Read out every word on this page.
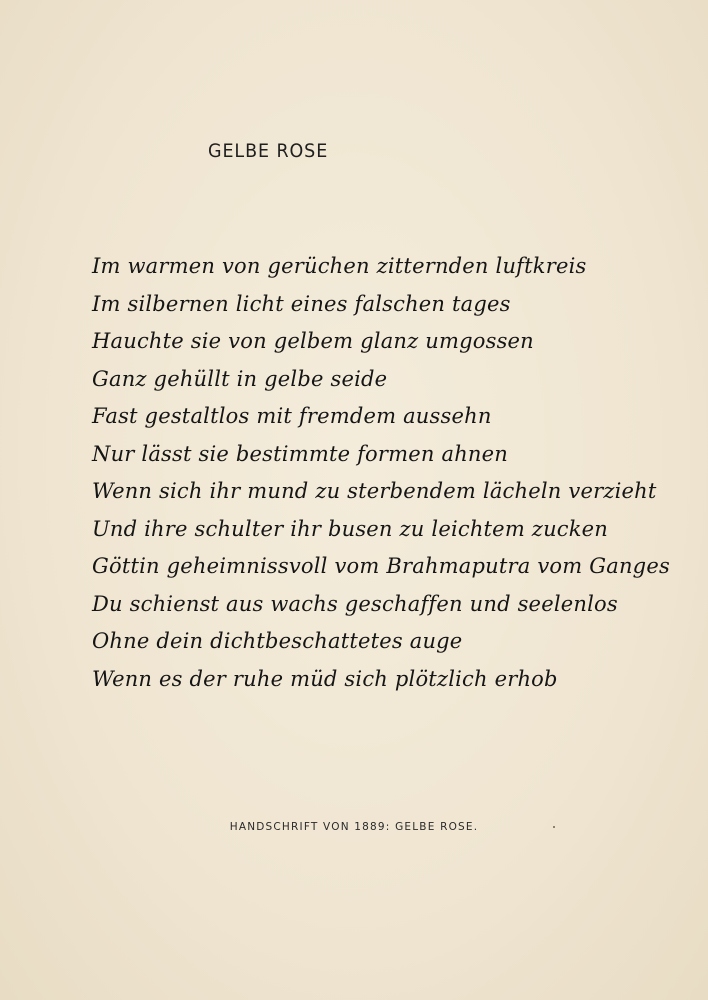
GELBE ROSE
Im warmen von gerüchen zitternden luftkreis
Im silbernen licht eines falschen tages
Hauchte sie von gelbem glanz umgossen
Ganz gehüllt in gelbe seide
Fast gestaltlos mit fremdem aussehn
Nur lässt sie bestimmte formen ahnen
Wenn sich ihr mund zu sterbendem lächeln verzieht
Und ihre schulter ihr busen zu leichtem zucken
Göttin geheimnissvoll vom Brahmaputra vom Ganges
Du schienst aus wachs geschaffen und seelenlos
Ohne dein dichtbeschattetes auge
Wenn es der ruhe müd sich plötzlich erhob
HANDSCHRIFT VON 1889: GELBE ROSE.
